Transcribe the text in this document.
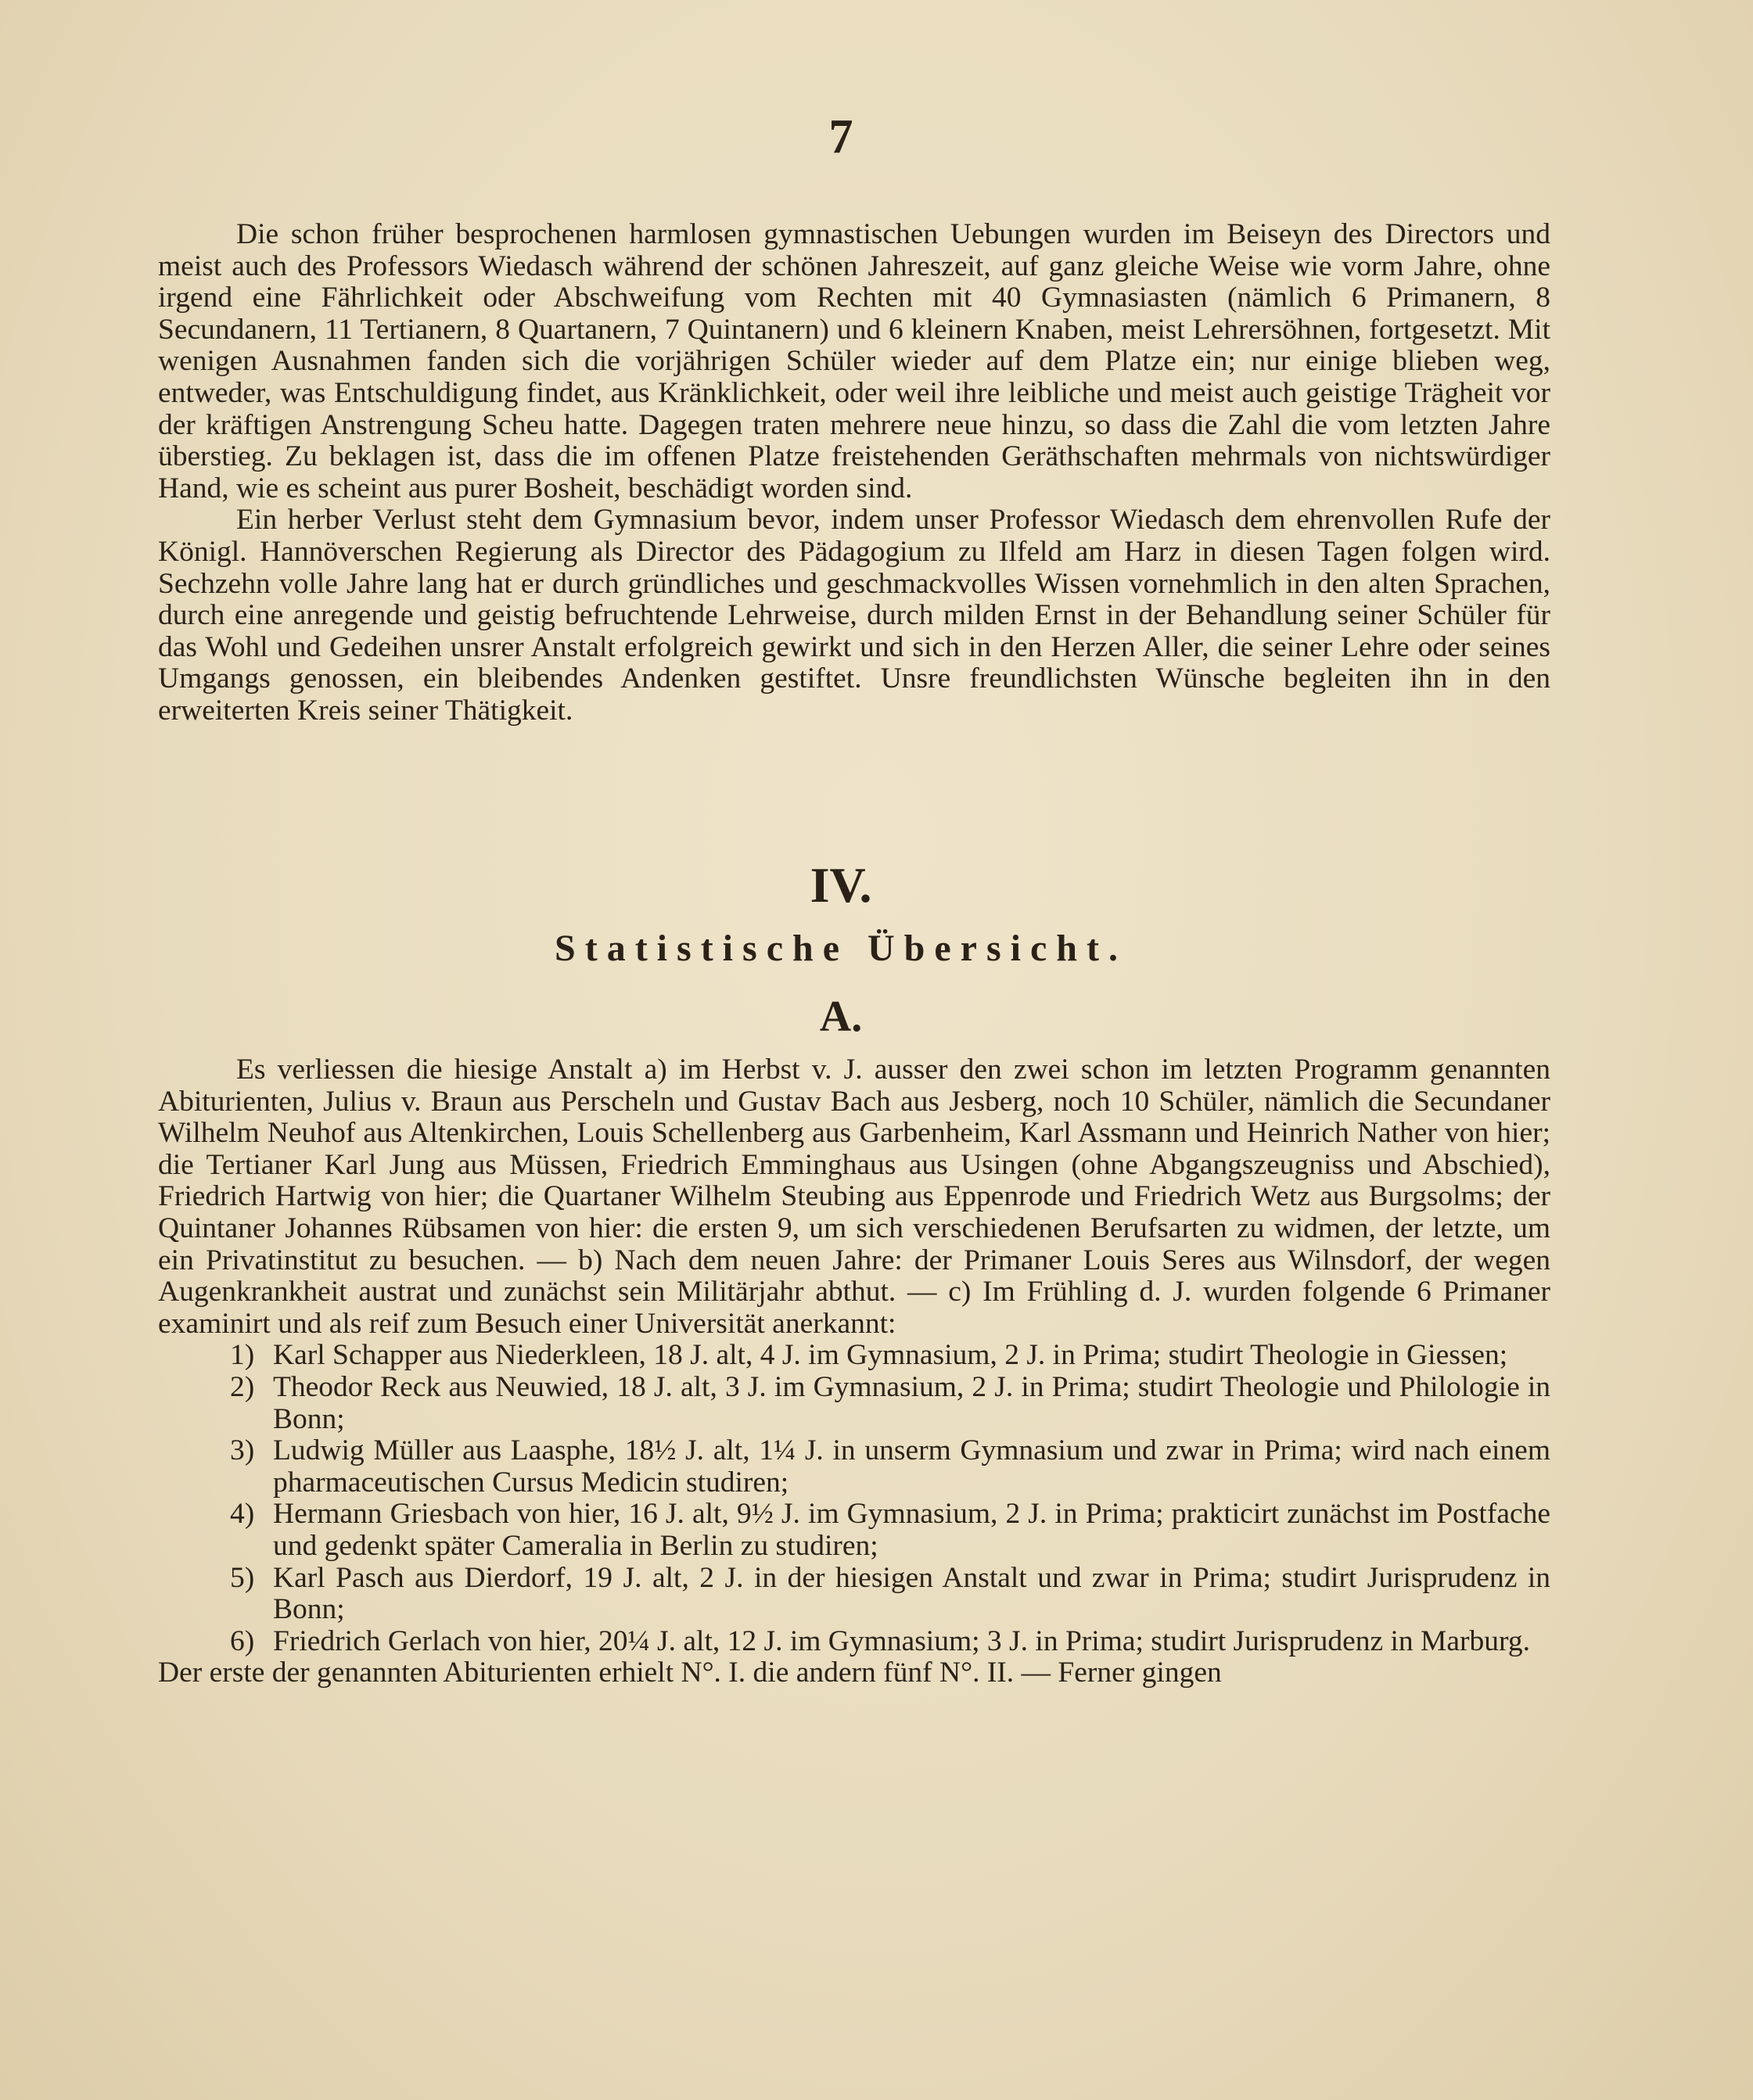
7

Die schon früher besprochenen harmlosen gymnastischen Uebungen wurden im Beiseyn des Directors und meist auch des Professors Wiedasch während der schönen Jahreszeit, auf ganz gleiche Weise wie vorm Jahre, ohne irgend eine Fährlichkeit oder Abschweifung vom Rechten mit 40 Gymnasiasten (nämlich 6 Primanern, 8 Secundanern, 11 Tertianern, 8 Quartanern, 7 Quintanern) und 6 kleinern Knaben, meist Lehrersöhnen, fortgesetzt. Mit wenigen Ausnahmen fanden sich die vorjährigen Schüler wieder auf dem Platze ein; nur einige blieben weg, entweder, was Entschuldigung findet, aus Kränklichkeit, oder weil ihre leibliche und meist auch geistige Trägheit vor der kräftigen Anstrengung Scheu hatte. Dagegen traten mehrere neue hinzu, so dass die Zahl die vom letzten Jahre überstieg. Zu beklagen ist, dass die im offenen Platze freistehenden Geräthschaften mehrmals von nichtswürdiger Hand, wie es scheint aus purer Bosheit, beschädigt worden sind.

Ein herber Verlust steht dem Gymnasium bevor, indem unser Professor Wiedasch dem ehrenvollen Rufe der Königl. Hannöverschen Regierung als Director des Pädagogium zu Ilfeld am Harz in diesen Tagen folgen wird. Sechzehn volle Jahre lang hat er durch gründliches und geschmackvolles Wissen vornehmlich in den alten Sprachen, durch eine anregende und geistig befruchtende Lehrweise, durch milden Ernst in der Behandlung seiner Schüler für das Wohl und Gedeihen unsrer Anstalt erfolgreich gewirkt und sich in den Herzen Aller, die seiner Lehre oder seines Umgangs genossen, ein bleibendes Andenken gestiftet. Unsre freundlichsten Wünsche begleiten ihn in den erweiterten Kreis seiner Thätigkeit.

IV.
Statistische Übersicht.
A.

Es verliessen die hiesige Anstalt a) im Herbst v. J. ausser den zwei schon im letzten Programm genannten Abiturienten, Julius v. Braun aus Perscheln und Gustav Bach aus Jesberg, noch 10 Schüler, nämlich die Secundaner Wilhelm Neuhof aus Altenkirchen, Louis Schellenberg aus Garbenheim, Karl Assmann und Heinrich Nather von hier; die Tertianer Karl Jung aus Müssen, Friedrich Emminghaus aus Usingen (ohne Abgangszeugniss und Abschied), Friedrich Hartwig von hier; die Quartaner Wilhelm Steubing aus Eppenrode und Friedrich Wetz aus Burgsolms; der Quintaner Johannes Rübsamen von hier: die ersten 9, um sich verschiedenen Berufsarten zu widmen, der letzte, um ein Privatinstitut zu besuchen. — b) Nach dem neuen Jahre: der Primaner Louis Seres aus Wilnsdorf, der wegen Augenkrankheit austrat und zunächst sein Militärjahr abthut. — c) Im Frühling d. J. wurden folgende 6 Primaner examinirt und als reif zum Besuch einer Universität anerkannt:

1) Karl Schapper aus Niederkleen, 18 J. alt, 4 J. im Gymnasium, 2 J. in Prima; studirt Theologie in Giessen;
2) Theodor Reck aus Neuwied, 18 J. alt, 3 J. im Gymnasium, 2 J. in Prima; studirt Theologie und Philologie in Bonn;
3) Ludwig Müller aus Laasphe, 18½ J. alt, 1¼ J. in unserm Gymnasium und zwar in Prima; wird nach einem pharmaceutischen Cursus Medicin studiren;
4) Hermann Griesbach von hier, 16 J. alt, 9½ J. im Gymnasium, 2 J. in Prima; prakticirt zunächst im Postfache und gedenkt später Cameralia in Berlin zu studiren;
5) Karl Pasch aus Dierdorf, 19 J. alt, 2 J. in der hiesigen Anstalt und zwar in Prima; studirt Jurisprudenz in Bonn;
6) Friedrich Gerlach von hier, 20¼ J. alt, 12 J. im Gymnasium; 3 J. in Prima; studirt Jurisprudenz in Marburg.

Der erste der genannten Abiturienten erhielt N°. I. die andern fünf N°. II. — Ferner gingen
